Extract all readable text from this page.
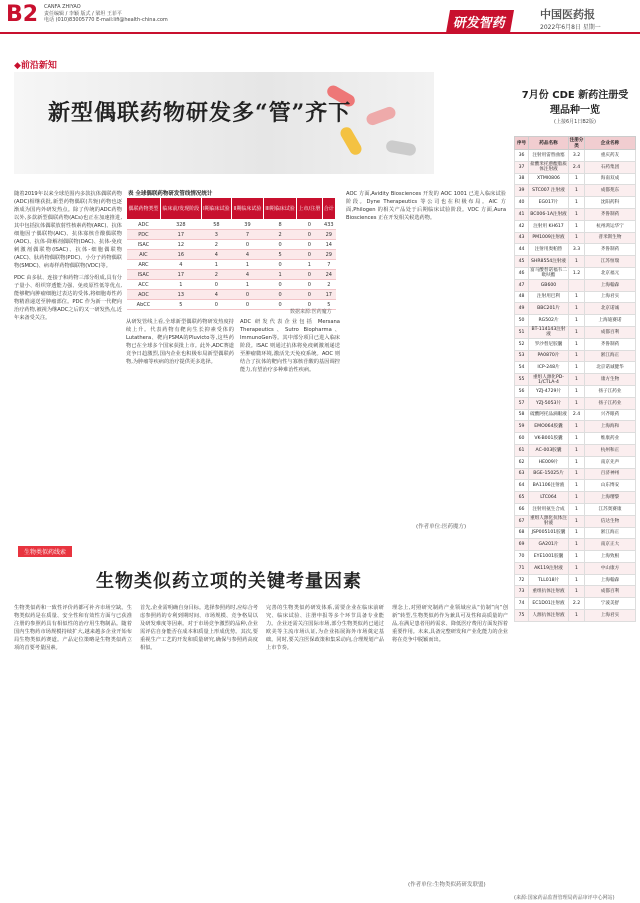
B2 CANFA ZHIYAO
责任编辑 / 李颖 版式 / 梁坦 王菲平
电话 (010)83005770 E-mail:lifi@health-china.com	研发智药
中国医药报
2022年6月8日 星期一
◆前沿新知
新型偶联药物研发多“管”齐下

随着2019年以来全球范围内多款抗体偶联药物(ADC)相继获批,新型药物偶联(共轭)药物也逐渐成为国内外研发热点。除了传统的ADC药物以外,多款新型偶联药物(ACs)也正在加速推进,其中包括抗体偶联放射性核素药物(ARC)、抗体细胞因子偶联物(AIC)、抗体寡核苷酸偶联物(AOC)、抗体-降解剂偶联物(DAC)、抗体-免疫刺激剂偶联物(ISAC)、抗体-细胞偶联物(ACC)、肽药物偶联物(PDC)、小分子药物偶联物(SMDC)、病毒样药物偶联物(VDC)等。

PDC 由多肽、连接子和药物三部分组成,具有分子量小、组织穿透能力强、免疫原性低等优点,能够靶向肿瘤细胞过表达的受体,将细胞毒性药物精准递送至肿瘤部位。PDC 作为新一代靶向治疗药物,被视为继ADC之后的又一研发热点,近年来备受关注。

表 全球偶联药物研发管线情况统计
偶联药物类型	临床前/发现阶段	I期临床试验	II期临床试验	III期临床试验	上市/注册	合计
ADC	328	58	39	8	0	433
PDC	17	3	7	2	0	29
ISAC	12	2	0	0	0	14
AIC	16	4	4	5	0	29
ARC	4	1	1	0	1	7
ISAC	17	2	4	1	0	24
ACC	1	0	1	0	0	2
AOC	13	4	0	0	0	17
AbCC	5	0	0	0	0	5
数据来源:医药魔方
从研发管线上看,全球新型偶联药物研发热度持续上升。代表药物有靶向生长抑素受体的Lutathera、靶向PSMA的Pluvicto等,这些药物已在全球多个国家获批上市。此外,ADC赛道竞争日趋激烈,国内企业也积极布局新型偶联药物,为肿瘤等疾病的治疗提供更多选择。
ADC 研发代表企业包括 Mersana Therapeutics、Sutro Biopharma、ImmunoGen等。其中部分项目已进入临床阶段。ISAC 则通过抗体将免疫刺激剂递送至肿瘤微环境,激活先天免疫系统。AOC 则结合了抗体的靶向性与寡核苷酸的基因调控能力,有望治疗多种难治性疾病。
AOC 方面,Avidity Biosciences 开发的 AOC 1001 已进入临床试验阶段。Dyne Therapeutics 等公司也在积极布局。AIC 方面,Philogen 的相关产品处于后期临床试验阶段。VDC 方面,Aura Biosciences 正在开发相关候选药物。
(作者单位:医药魔方)
7月份 CDE 新药注册受理品种一览
(上接6月1日B2版)
序号	药品名称	注册分类	企业名称
36	注射用雷替曲塞	3.2	重庆药友
37	盐酸米托蒽醌脂质体注射液	2.4	石药集团
38	XTMI0806	1	海南双成
39	STC007 注射液	1	成都苑东
40	EG017片	1	沈阳药科
41	BC006-1A注射液	1	齐鲁制药
42	注射用 KH617	1	杭州鸿运华宁
43	PM1009注射液	1	普米斯生物
44	注射用奥帕替	3.3	齐鲁制药
45	SHR8554注射液	1	江苏恒瑞
46	富马酸替诺福韦二吡呋酯	1.2	北京福元
47	GB600		上海翰森
48	注射用巴利	1	上海君实
49	BBC201片	1	北京诺诚
50	RG502片	1	上海迪赛诺
51	BT-114143注射液	1	成都百利
52	罗沙替尼胶囊	1	齐鲁制药
53	PA0870片	1	浙江海正
54	ICP-248片	1	北京诺诚健华
55	重组人源化PD-1/CTLA-4	1	康方生物
56	YZJ-4729片	1	扬子江药业
57	YZJ-5053片	1	扬子江药业
58	硫酸阿托品滴眼液	2.4	兴齐眼药
59	EMO064胶囊	1	上海海和
60	VK-B001胶囊	1	维康药业
61	AC-003胶囊	1	杭州和正
62	HE009片	1	南京先声
63	BGE-15025片	1	百济神州
64	BA1106注射液	1	山东博安
65	LTC064	1	上海璎黎
66	注射用氨生合成	1	江苏奥赛康
67	重组人源化抗体注射液	1	信达生物
68	JSP005101胶囊	1	浙江海正
69	GA201片	1	南京正大
70	EYE1001胶囊	1	上海致根
71	AK119注射液	1	中山康方
72	TLL018片	1	上海翰森
73	重组抗体注射液	1	成都百利
74	EC1D01注射液	2.2	宁波美舒
75	人源抗体注射液	1	上海君实
(来源:国家药品监督管理局药品审评中心网站)
生物类似药线索
生物类似药立项的关键考量因素
生物类似药和一致性评价药都可补齐市场空缺。生物类似药是在质量、安全性和有效性方面与已获准注册的参照药具有相似性的治疗用生物制品。随着国内生物药市场规模持续扩大,越来越多企业开始布局生物类似药赛道。产品定位策略是生物类似药立项的首要考量因素。
首先,企业需明确自身目标。选择参照药时,应综合考虑参照药的专利到期时间、市场规模、竞争格局以及研发难度等因素。对于市场竞争激烈的品种,企业需评估自身能否在成本和质量上形成优势。其次,要重视生产工艺的开发和质量研究,确保与参照药高度相似。
完善的生物类似药研发体系,需要企业在临床前研究、临床试验、注册申报等多个环节具备专业能力。企业还需关注国际市场,部分生物类似药已通过欧美等主流市场认证,为企业拓展海外市场奠定基础。同时,要关注医保政策和集采动向,合理规划产品上市节奏。
理念上,对照研究制药产业领域应从“仿制”向“创新”转型,生物类似药作为兼具可及性和高质量的产品,在满足患者用药需求、降低医疗费用方面发挥着重要作用。未来,具备完整研发和产业化能力的企业将在竞争中脱颖而出。
(作者单位:生物类似药研发联盟)
